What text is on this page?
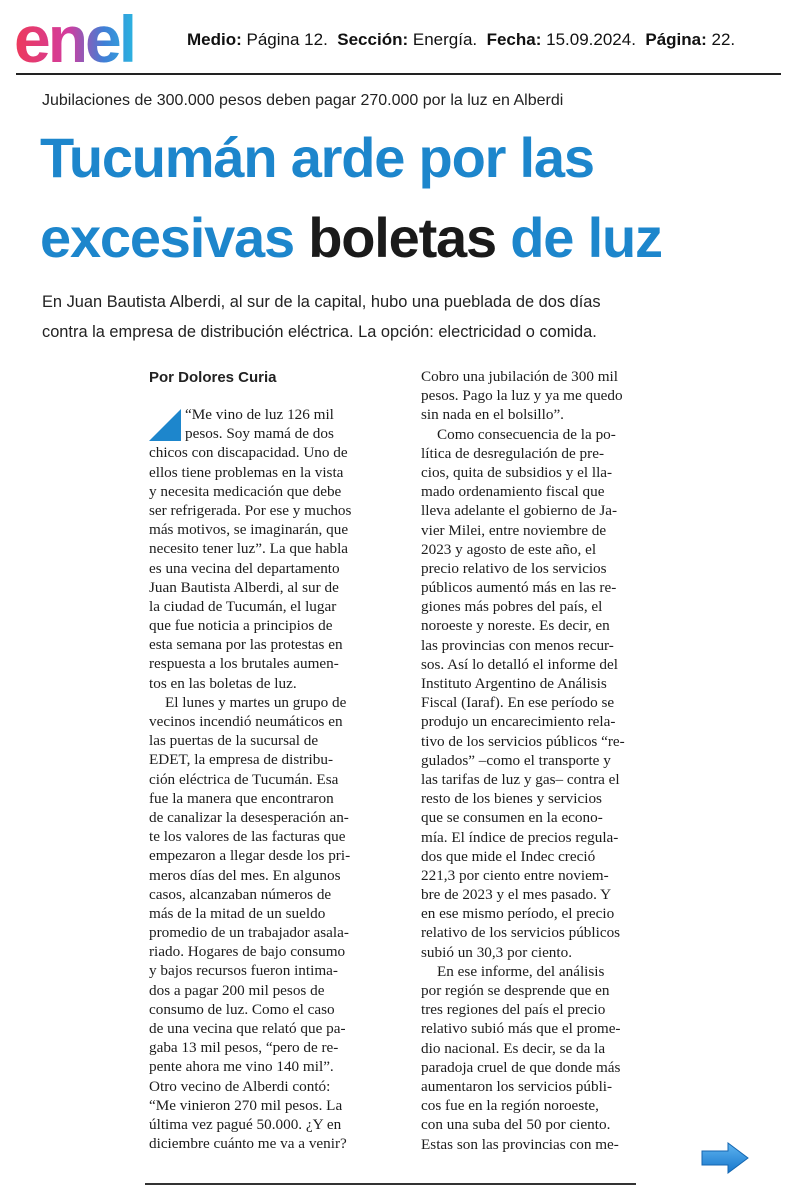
enel	Medio: Página 12. Sección: Energía. Fecha: 15.09.2024. Página: 22.
Jubilaciones de 300.000 pesos deben pagar 270.000 por la luz en Alberdi
Tucumán arde por las
excesivas boletas de luz
En Juan Bautista Alberdi, al sur de la capital, hubo una pueblada de dos días
contra la empresa de distribución eléctrica. La opción: electricidad o comida.
Por Dolores Curia
“Me vino de luz 126 mil
pesos. Soy mamá de dos
chicos con discapacidad. Uno de
ellos tiene problemas en la vista
y necesita medicación que debe
ser refrigerada. Por ese y muchos
más motivos, se imaginarán, que
necesito tener luz”. La que habla
es una vecina del departamento
Juan Bautista Alberdi, al sur de
la ciudad de Tucumán, el lugar
que fue noticia a principios de
esta semana por las protestas en
respuesta a los brutales aumen-
tos en las boletas de luz.
El lunes y martes un grupo de
vecinos incendió neumáticos en
las puertas de la sucursal de
EDET, la empresa de distribu-
ción eléctrica de Tucumán. Esa
fue la manera que encontraron
de canalizar la desesperación an-
te los valores de las facturas que
empezaron a llegar desde los pri-
meros días del mes. En algunos
casos, alcanzaban números de
más de la mitad de un sueldo
promedio de un trabajador asala-
riado. Hogares de bajo consumo
y bajos recursos fueron intima-
dos a pagar 200 mil pesos de
consumo de luz. Como el caso
de una vecina que relató que pa-
gaba 13 mil pesos, “pero de re-
pente ahora me vino 140 mil”.
Otro vecino de Alberdi contó:
“Me vinieron 270 mil pesos. La
última vez pagué 50.000. ¿Y en
diciembre cuánto me va a venir?
Cobro una jubilación de 300 mil
pesos. Pago la luz y ya me quedo
sin nada en el bolsillo”.
Como consecuencia de la po-
lítica de desregulación de pre-
cios, quita de subsidios y el lla-
mado ordenamiento fiscal que
lleva adelante el gobierno de Ja-
vier Milei, entre noviembre de
2023 y agosto de este año, el
precio relativo de los servicios
públicos aumentó más en las re-
giones más pobres del país, el
noroeste y noreste. Es decir, en
las provincias con menos recur-
sos. Así lo detalló el informe del
Instituto Argentino de Análisis
Fiscal (Iaraf). En ese período se
produjo un encarecimiento rela-
tivo de los servicios públicos “re-
gulados” –como el transporte y
las tarifas de luz y gas– contra el
resto de los bienes y servicios
que se consumen en la econo-
mía. El índice de precios regula-
dos que mide el Indec creció
221,3 por ciento entre noviem-
bre de 2023 y el mes pasado. Y
en ese mismo período, el precio
relativo de los servicios públicos
subió un 30,3 por ciento.
En ese informe, del análisis
por región se desprende que en
tres regiones del país el precio
relativo subió más que el prome-
dio nacional. Es decir, se da la
paradoja cruel de que donde más
aumentaron los servicios públi-
cos fue en la región noroeste,
con una suba del 50 por ciento.
Estas son las provincias con me-
